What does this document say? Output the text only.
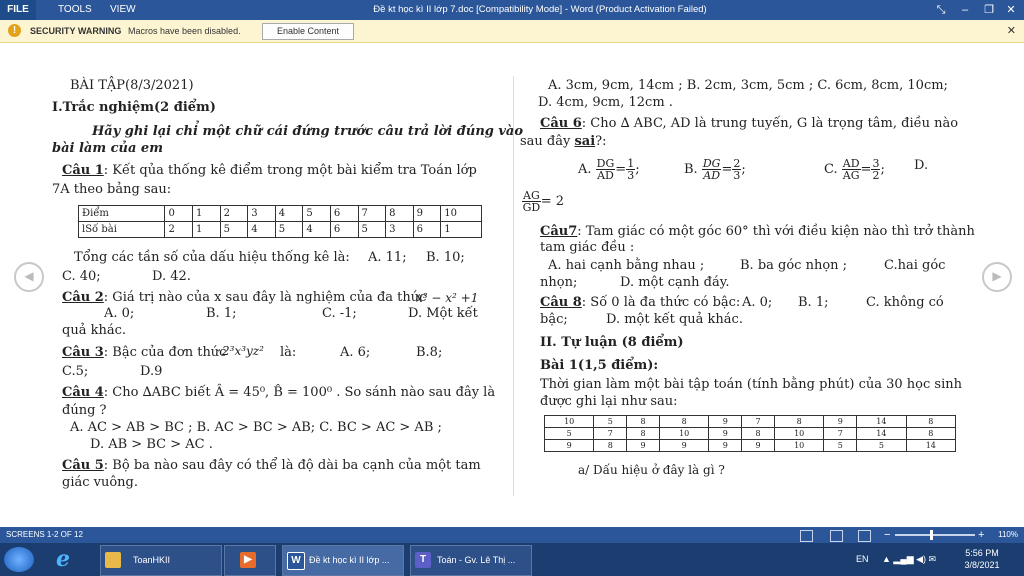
FILE	TOOLS	VIEW	Đề kt học kì II lớp 7.doc [Compatibility Mode] - Word (Product Activation Failed)	⤡	–	❐	✕
!	SECURITY WARNING Macros have been disabled.	Enable Content	✕
◀	▶
BÀI TẬP(8/3/2021)
I.Trắc nghiệm(2 điểm)
Hãy ghi lại chỉ một chữ cái đứng trước câu trả lời đúng vào
bài làm của em
Câu 1: Kết qủa thống kê điểm trong một bài kiểm tra Toán lớp
7A theo bảng sau:
Điểm	0	1	2	3	4	5	6	7	8	9	10
lSố bài	2	1	5	4	5	4	6	5	3	6	1
Tổng các tần số của dấu hiệu thống kê là: A. 11; B. 10;
C. 40;	D. 42.
Câu 2: Giá trị nào của x sau đây là nghiệm của đa thức
x³ − x² +1
A. 0;	B. 1;	C. -1;	D. Một kết
quả khác.
Câu 3: Bậc của đơn thức
2³x³yz² là:	A. 6;	B.8;
C.5;	D.9
Câu 4: Cho ∆ABC biết Â = 45⁰, B̂ = 100⁰ . So sánh nào sau đây là
đúng ?
A. AC > AB > BC ; B. AC > BC > AB; C. BC > AC > AB ;
D. AB > BC > AC .
Câu 5: Bộ ba nào sau đây có thể là độ dài ba cạnh của một tam
giác vuông.
A. 3cm, 9cm, 14cm ; B. 2cm, 3cm, 5cm ; C. 6cm, 8cm, 10cm;
D. 4cm, 9cm, 12cm .
Câu 6: Cho ∆ ABC, AD là trung tuyến, G là trọng tâm, điều nào
sau đây sai?:
A. $\frac{DG}{AD} = \frac{1}{3}$ ;	B. $\frac{DG}{AD} = \frac{2}{3}$ ;	C. $\frac{AD}{AG} = \frac{3}{2}$ ; D.
$\frac{AG}{GD} = 2$
Câu7: Tam giác có một góc 60° thì với điều kiện nào thì trở thành
tam giác đều :
A. hai cạnh bằng nhau ;	B. ba góc nhọn ;	C.hai góc
nhọn;	D. một cạnh đáy.
Câu 8: Số 0 là đa thức có bậc: A. 0; B. 1;	C. không có
bậc;	D. một kết quả khác.
II. Tự luận (8 điểm)
Bài 1(1,5 điểm):
Thời gian làm một bài tập toán (tính bằng phút) của 30 học sinh
được ghi lại như sau:
10	5	8	8	9	7	8	9	14	8
5	7	8	10	9	8	10	7	14	8
9	8	9	9	9	9	10	5	5	14
a/ Dấu hiệu ở đây là gì ?
SCREENS 1-2 OF 12	−	+ 110%
e	ToanHKII	▶	W Đề kt học kì II lớp ...	T	Toán - Gv. Lê Thị ...	EN ▲ ▂▄▆ ◀) ✉
5:56 PM
3/8/2021
